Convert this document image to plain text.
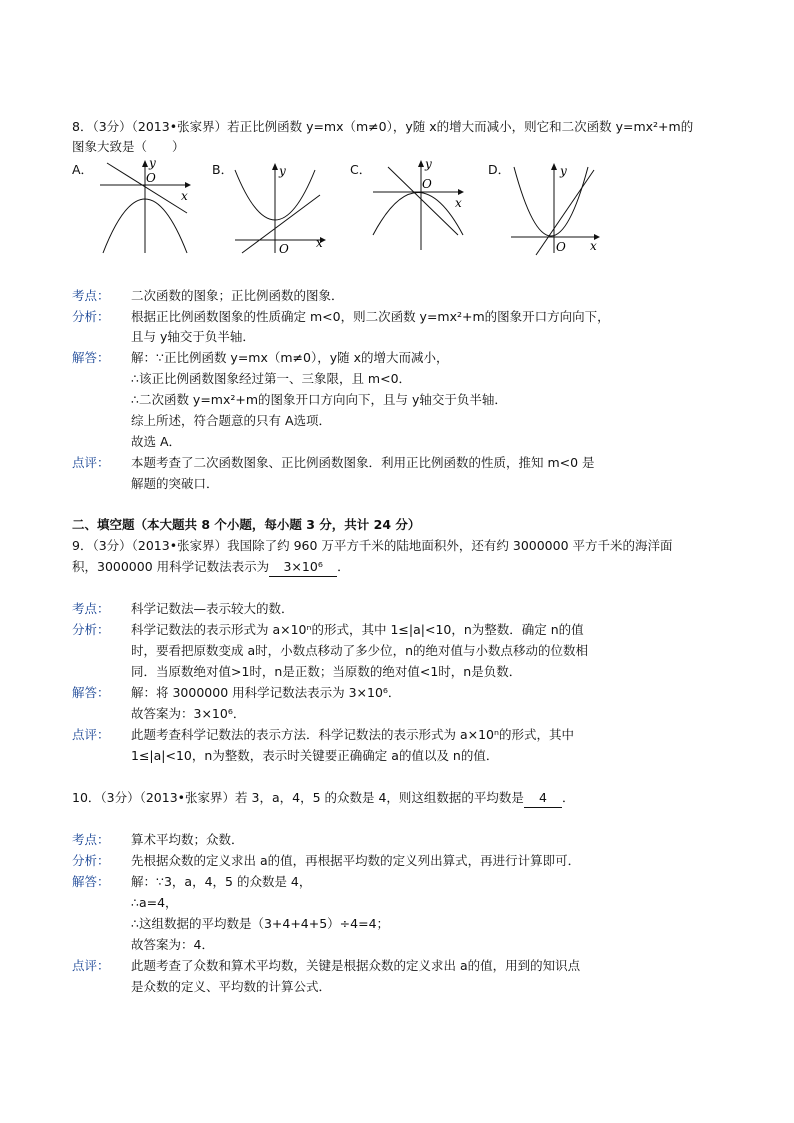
8．（3分）（2013•张家界）若正比例函数 y=mx（m≠0），y随 x的增大而减小，则它和二次函数 y=mx²+m的
图象大致是（　　）
A．	B．	C．	D．
x
y
O
x
y
O
x
y
O
x
y
O
考点： 二次函数的图象；正比例函数的图象．
分析： 根据正比例函数图象的性质确定 m<0，则二次函数 y=mx²+m的图象开口方向向下，
且与 y轴交于负半轴．
解答： 解：∵正比例函数 y=mx（m≠0），y随 x的增大而减小，
∴该正比例函数图象经过第一、三象限，且 m<0．
∴二次函数 y=mx²+m的图象开口方向向下，且与 y轴交于负半轴．
综上所述，符合题意的只有 A选项．
故选 A．
点评： 本题考查了二次函数图象、正比例函数图象．利用正比例函数的性质，推知 m<0 是
解题的突破口．
二、填空题（本大题共 8 个小题，每小题 3 分，共计 24 分）
9．（3分）（2013•张家界）我国除了约 960 万平方千米的陆地面积外，还有约 3000000 平方千米的海洋面
积，3000000 用科学记数法表示为 3×10⁶ ．
考点： 科学记数法—表示较大的数．
分析： 科学记数法的表示形式为 a×10ⁿ的形式，其中 1≤|a|<10，n为整数．确定 n的值
时，要看把原数变成 a时，小数点移动了多少位，n的绝对值与小数点移动的位数相
同．当原数绝对值>1时，n是正数；当原数的绝对值<1时，n是负数．
解答： 解：将 3000000 用科学记数法表示为 3×10⁶．
故答案为：3×10⁶．
点评： 此题考查科学记数法的表示方法．科学记数法的表示形式为 a×10ⁿ的形式，其中
1≤|a|<10，n为整数，表示时关键要正确确定 a的值以及 n的值．
10．（3分）（2013•张家界）若 3，a，4，5 的众数是 4，则这组数据的平均数是 4 ．
考点： 算术平均数；众数．
分析： 先根据众数的定义求出 a的值，再根据平均数的定义列出算式，再进行计算即可．
解答： 解：∵3，a，4，5 的众数是 4，
∴a=4，
∴这组数据的平均数是（3+4+4+5）÷4=4；
故答案为：4．
点评： 此题考查了众数和算术平均数，关键是根据众数的定义求出 a的值，用到的知识点
是众数的定义、平均数的计算公式．
